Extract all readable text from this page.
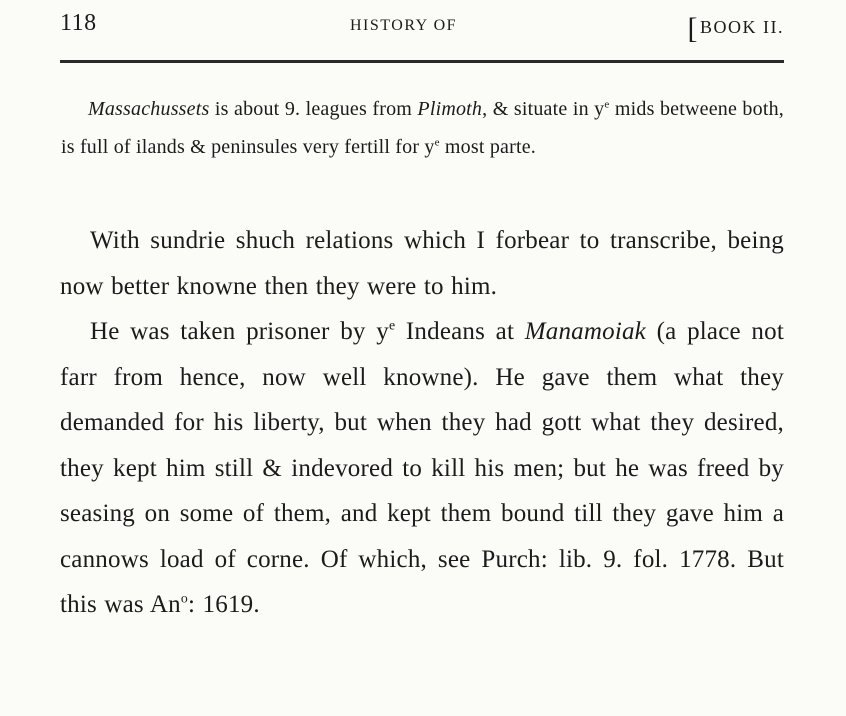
118	HISTORY OF	[BOOK II.

Massachussets is about 9. leagues from Plimoth, & situate in $y^e$ mids betweene both, is full of ilands & peninsules very fertill for $y^e$ most parte.

With sundrie shuch relations which I forbear to transcribe, being now better knowne then they were to him.

He was taken prisoner by $y^e$ Indeans at Manamoiak (a place not farr from hence, now well knowne). He gave them what they demanded for his liberty, but when they had gott what they desired, they kept him still & indevored to kill his men; but he was freed by seasing on some of them, and kept them bound till they gave him a cannows load of corne. Of which, see Purch: lib. 9. fol. 1778. But this was An$^o$: 1619.
